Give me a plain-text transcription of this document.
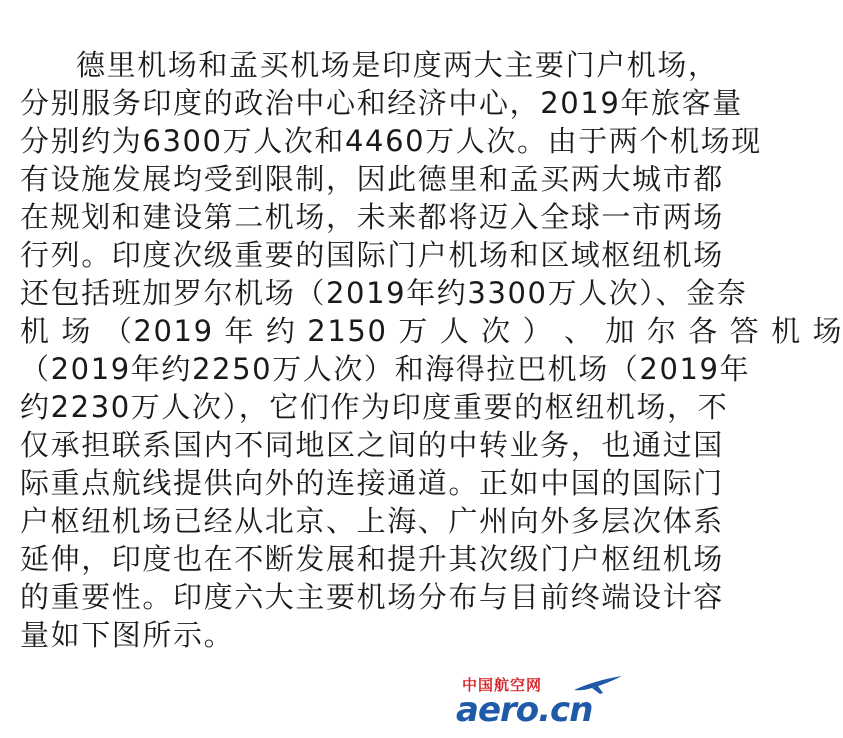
德里机场和孟买机场是印度两大主要门户机场，
分别服务印度的政治中心和经济中心，2019年旅客量
分别约为6300万人次和4460万人次。由于两个机场现
有设施发展均受到限制，因此德里和孟买两大城市都
在规划和建设第二机场，未来都将迈入全球一市两场
行列。印度次级重要的国际门户机场和区域枢纽机场
还包括班加罗尔机场（2019年约3300万人次）、金奈
机 场 （2019 年 约 2150 万 人 次 ） 、 加 尔 各 答 机 场
（2019年约2250万人次）和海得拉巴机场（2019年
约2230万人次），它们作为印度重要的枢纽机场，不
仅承担联系国内不同地区之间的中转业务，也通过国
际重点航线提供向外的连接通道。正如中国的国际门
户枢纽机场已经从北京、上海、广州向外多层次体系
延伸，印度也在不断发展和提升其次级门户枢纽机场
的重要性。印度六大主要机场分布与目前终端设计容
量如下图所示。
中国航空网
aero.cn
